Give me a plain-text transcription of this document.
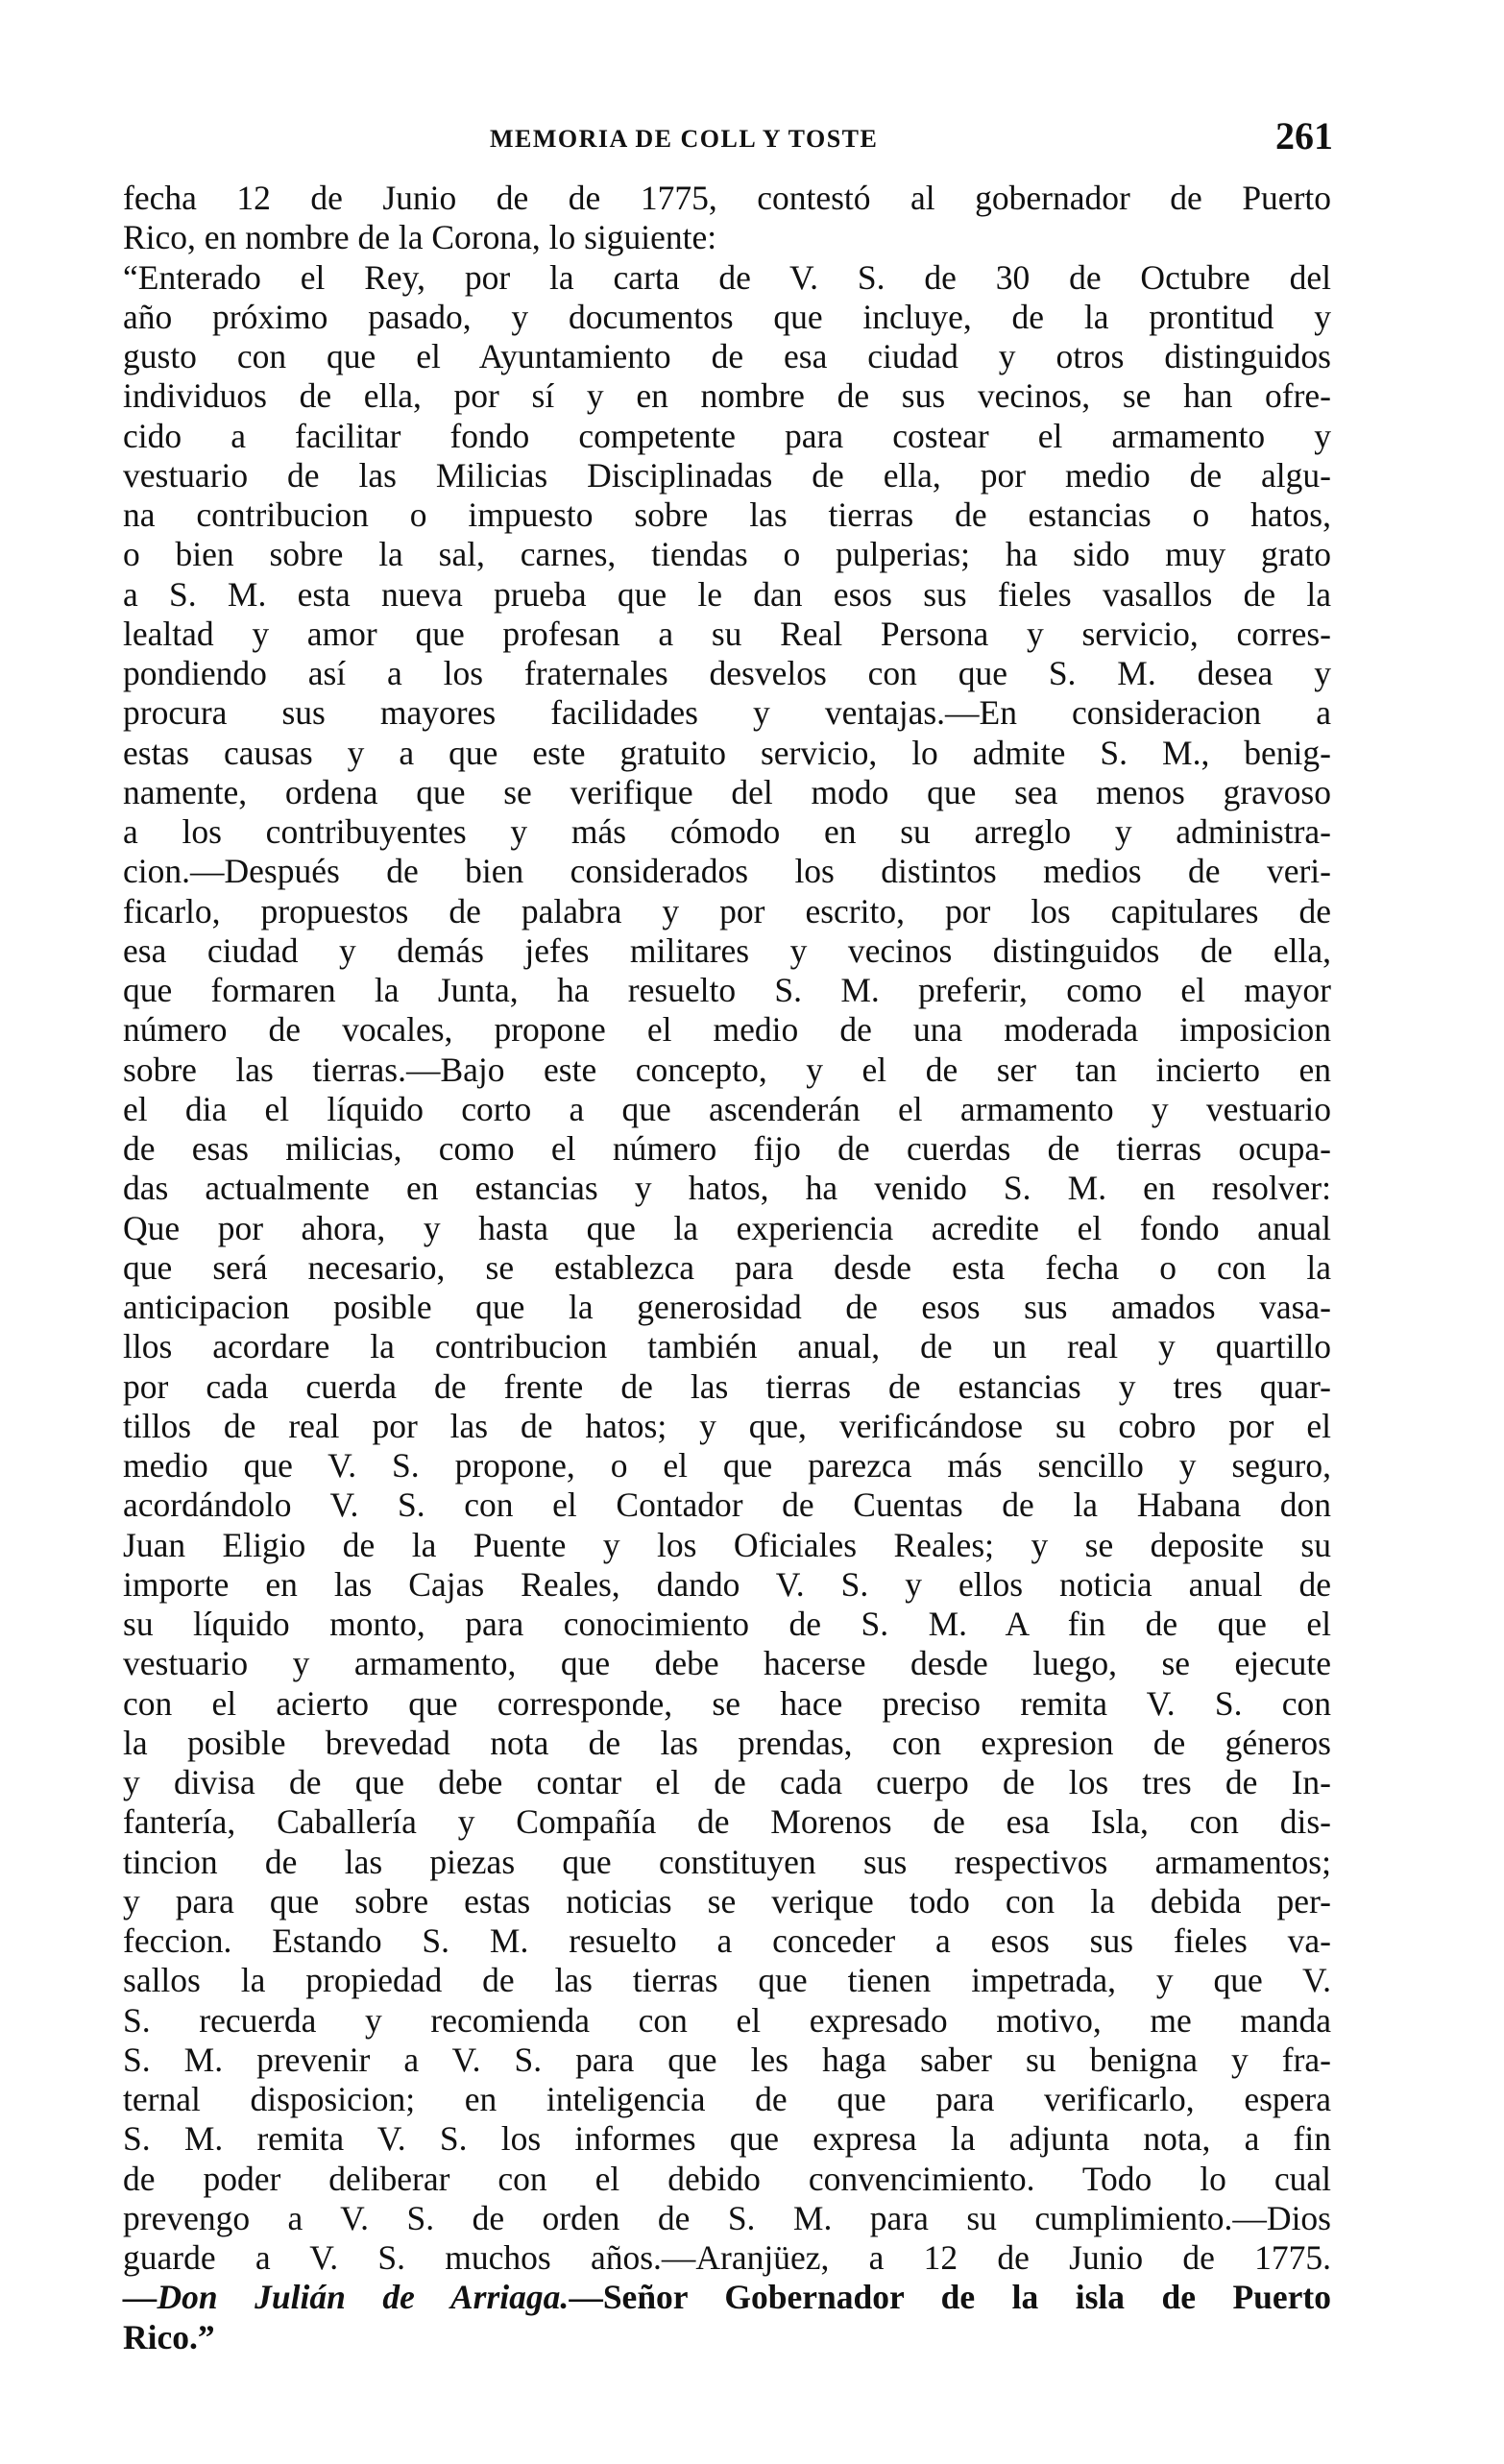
MEMORIA DE COLL Y TOSTE	261
fecha 12 de Junio de de 1775, contestó al gobernador de Puerto
Rico, en nombre de la Corona, lo siguiente:
“Enterado el Rey, por la carta de V. S. de 30 de Octubre del
año próximo pasado, y documentos que incluye, de la prontitud y
gusto con que el Ayuntamiento de esa ciudad y otros distinguidos
individuos de ella, por sí y en nombre de sus vecinos, se han ofre-
cido a facilitar fondo competente para costear el armamento y
vestuario de las Milicias Disciplinadas de ella, por medio de algu-
na contribucion o impuesto sobre las tierras de estancias o hatos,
o bien sobre la sal, carnes, tiendas o pulperias; ha sido muy grato
a S. M. esta nueva prueba que le dan esos sus fieles vasallos de la
lealtad y amor que profesan a su Real Persona y servicio, corres-
pondiendo así a los fraternales desvelos con que S. M. desea y
procura sus mayores facilidades y ventajas.—En consideracion a
estas causas y a que este gratuito servicio, lo admite S. M., benig-
namente, ordena que se verifique del modo que sea menos gravoso
a los contribuyentes y más cómodo en su arreglo y administra-
cion.—Después de bien considerados los distintos medios de veri-
ficarlo, propuestos de palabra y por escrito, por los capitulares de
esa ciudad y demás jefes militares y vecinos distinguidos de ella,
que formaren la Junta, ha resuelto S. M. preferir, como el mayor
número de vocales, propone el medio de una moderada imposicion
sobre las tierras.—Bajo este concepto, y el de ser tan incierto en
el dia el líquido corto a que ascenderán el armamento y vestuario
de esas milicias, como el número fijo de cuerdas de tierras ocupa-
das actualmente en estancias y hatos, ha venido S. M. en resolver:
Que por ahora, y hasta que la experiencia acredite el fondo anual
que será necesario, se establezca para desde esta fecha o con la
anticipacion posible que la generosidad de esos sus amados vasa-
llos acordare la contribucion también anual, de un real y quartillo
por cada cuerda de frente de las tierras de estancias y tres quar-
tillos de real por las de hatos; y que, verificándose su cobro por el
medio que V. S. propone, o el que parezca más sencillo y seguro,
acordándolo V. S. con el Contador de Cuentas de la Habana don
Juan Eligio de la Puente y los Oficiales Reales; y se deposite su
importe en las Cajas Reales, dando V. S. y ellos noticia anual de
su líquido monto, para conocimiento de S. M. A fin de que el
vestuario y armamento, que debe hacerse desde luego, se ejecute
con el acierto que corresponde, se hace preciso remita V. S. con
la posible brevedad nota de las prendas, con expresion de géneros
y divisa de que debe contar el de cada cuerpo de los tres de In-
fantería, Caballería y Compañía de Morenos de esa Isla, con dis-
tincion de las piezas que constituyen sus respectivos armamentos;
y para que sobre estas noticias se verique todo con la debida per-
feccion. Estando S. M. resuelto a conceder a esos sus fieles va-
sallos la propiedad de las tierras que tienen impetrada, y que V.
S. recuerda y recomienda con el expresado motivo, me manda
S. M. prevenir a V. S. para que les haga saber su benigna y fra-
ternal disposicion; en inteligencia de que para verificarlo, espera
S. M. remita V. S. los informes que expresa la adjunta nota, a fin
de poder deliberar con el debido convencimiento. Todo lo cual
prevengo a V. S. de orden de S. M. para su cumplimiento.—Dios
guarde a V. S. muchos años.—Aranjüez, a 12 de Junio de 1775.
—Don Julián de Arriaga.—Señor Gobernador de la isla de Puerto
Rico.”
